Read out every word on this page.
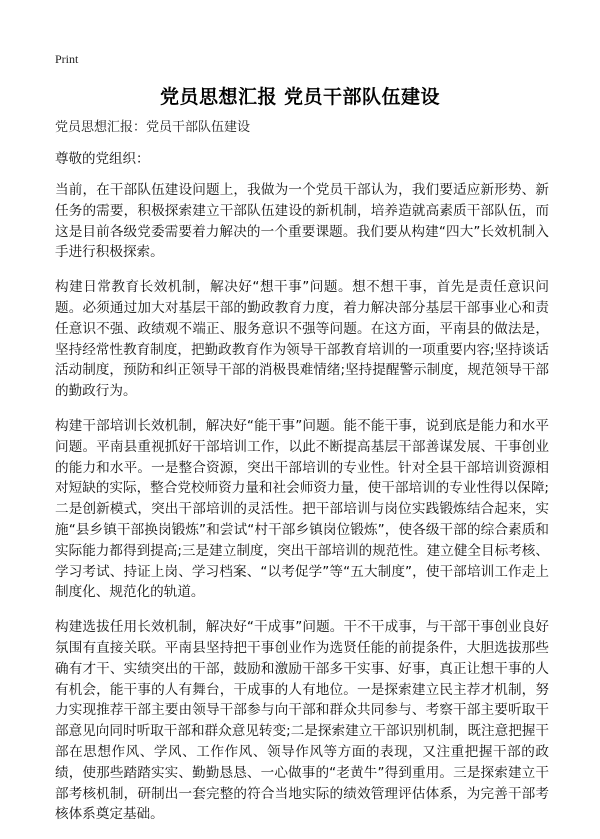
Print
党员思想汇报 党员干部队伍建设

党员思想汇报：党员干部队伍建设

尊敬的党组织：

当前，在干部队伍建设问题上，我做为一个党员干部认为，我们要适应新形势、新任务的需要，积极探索建立干部队伍建设的新机制，培养造就高素质干部队伍，而这是目前各级党委需要着力解决的一个重要课题。我们要从构建“四大”长效机制入手进行积极探索。

构建日常教育长效机制，解决好“想干事”问题。想不想干事，首先是责任意识问题。必须通过加大对基层干部的勤政教育力度，着力解决部分基层干部事业心和责任意识不强、政绩观不端正、服务意识不强等问题。在这方面，平南县的做法是，坚持经常性教育制度，把勤政教育作为领导干部教育培训的一项重要内容;坚持谈话活动制度，预防和纠正领导干部的消极畏难情绪;坚持提醒警示制度，规范领导干部的勤政行为。

构建干部培训长效机制，解决好“能干事”问题。能不能干事，说到底是能力和水平问题。平南县重视抓好干部培训工作，以此不断提高基层干部善谋发展、干事创业的能力和水平。一是整合资源，突出干部培训的专业性。针对全县干部培训资源相对短缺的实际，整合党校师资力量和社会师资力量，使干部培训的专业性得以保障;二是创新模式，突出干部培训的灵活性。把干部培训与岗位实践锻炼结合起来，实施“县乡镇干部换岗锻炼”和尝试“村干部乡镇岗位锻炼”，使各级干部的综合素质和实际能力都得到提高;三是建立制度，突出干部培训的规范性。建立健全目标考核、学习考试、持证上岗、学习档案、“以考促学”等“五大制度”，使干部培训工作走上制度化、规范化的轨道。

构建选拔任用长效机制，解决好“干成事”问题。干不干成事，与干部干事创业良好氛围有直接关联。平南县坚持把干事创业作为选贤任能的前提条件，大胆选拔那些确有才干、实绩突出的干部，鼓励和激励干部多干实事、好事，真正让想干事的人有机会，能干事的人有舞台，干成事的人有地位。一是探索建立民主荐才机制，努力实现推荐干部主要由领导干部参与向干部和群众共同参与、考察干部主要听取干部意见向同时听取干部和群众意见转变;二是探索建立干部识别机制，既注意把握干部在思想作风、学风、工作作风、领导作风等方面的表现，又注重把握干部的政绩，使那些踏踏实实、勤勤恳恳、一心做事的“老黄牛”得到重用。三是探索建立干部考核机制，研制出一套完整的符合当地实际的绩效管理评估体系，为完善干部考核体系奠定基础。
